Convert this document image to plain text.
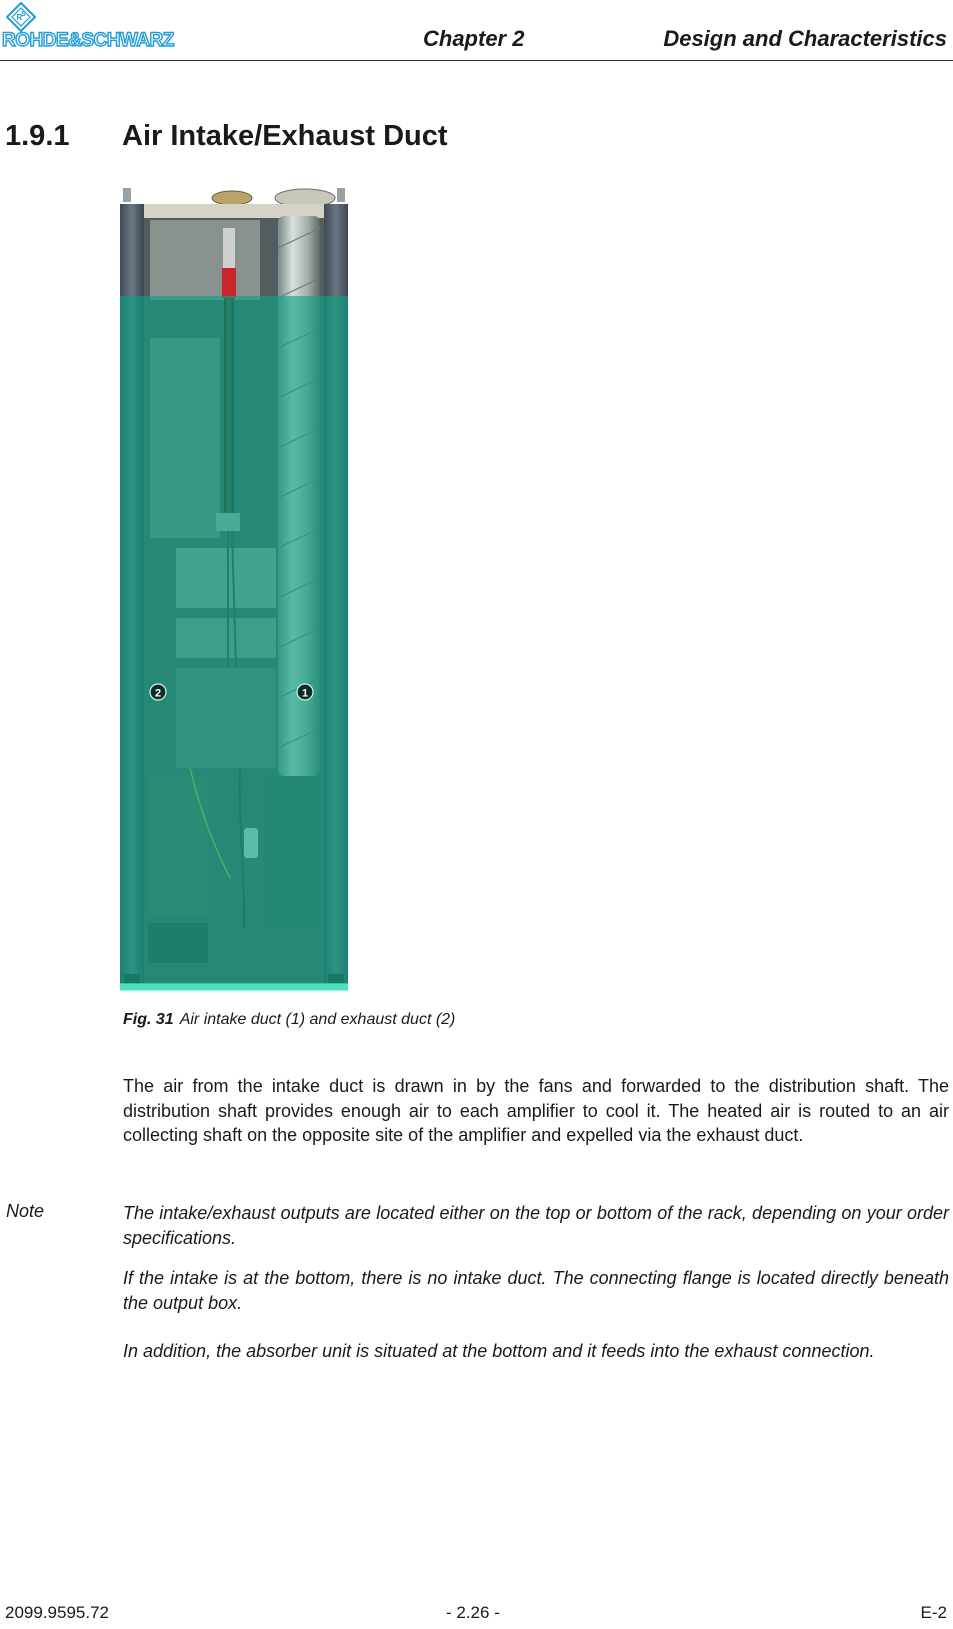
R
S
ROHDE&SCHWARZ	Chapter 2	Design and Characteristics
1.9.1 Air Intake/Exhaust Duct
2	1
Fig. 31 Air intake duct (1) and exhaust duct (2)

The air from the intake duct is drawn in by the fans and forwarded to the distribution shaft. The distribution shaft provides enough air to each amplifier to cool it. The heated air is routed to an air collecting shaft on the opposite site of the amplifier and expelled via the exhaust duct.

Note	The intake/exhaust outputs are located either on the top or bottom of the rack, depending on your order specifications.

If the intake is at the bottom, there is no intake duct. The connecting flange is located directly beneath the output box.

In addition, the absorber unit is situated at the bottom and it feeds into the exhaust connection.

2099.9595.72	- 2.26 -	E-2
